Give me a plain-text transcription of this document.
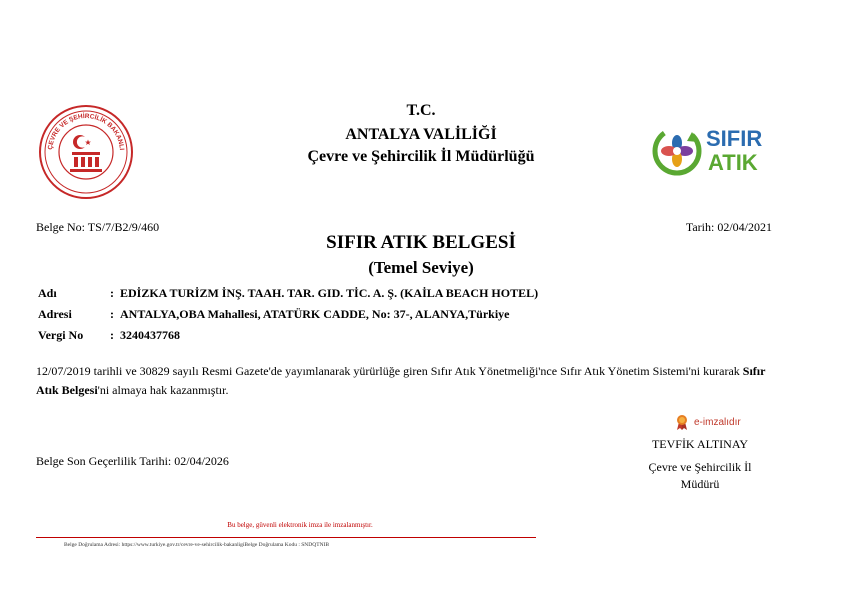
ÇEVRE VE ŞEHİRCİLİK BAKANLI
T.C.
ANTALYA VALİLİĞİ
Çevre ve Şehircilik İl Müdürlüğü
SIFIR
ATIK
Belge No: TS/7/B2/9/460	Tarih: 02/04/2021
SIFIR ATIK BELGESİ
(Temel Seviye)
Adı	: EDİZKA TURİZM İNŞ. TAAH. TAR. GID. TİC. A. Ş. (KAİLA BEACH HOTEL)
Adresi	: ANTALYA,OBA Mahallesi, ATATÜRK CADDE, No: 37-, ALANYA,Türkiye
Vergi No	: 3240437768
12/07/2019 tarihli ve 30829 sayılı Resmi Gazete'de yayımlanarak yürürlüğe giren Sıfır Atık Yönetmeliği'nce Sıfır Atık Yönetim Sistemi'ni kurarak Sıfır Atık Belgesi'ni almaya hak kazanmıştır.
e-imzalıdır
TEVFİK ALTINAY
Çevre ve Şehircilik İl
Müdürü
Belge Son Geçerlilik Tarihi: 02/04/2026
Bu belge, güvenli elektronik imza ile imzalanmıştır.
Belge Doğrulama Adresi: https://www.turkiye.gov.tr/cevre-ve-sehircilik-bakanligiBelge Doğrulama Kodu : SNDQTNIB
